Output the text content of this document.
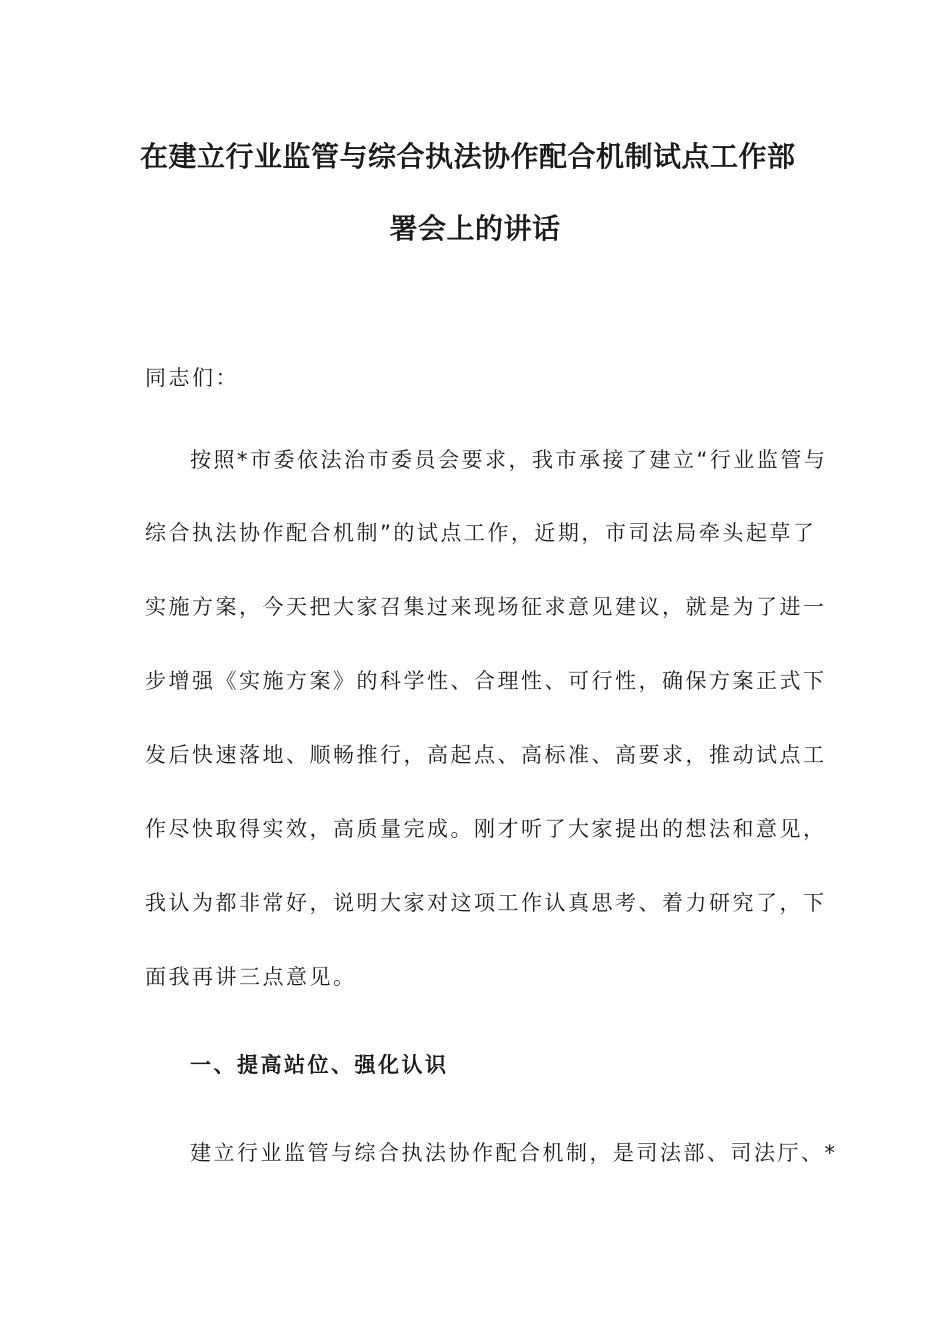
在建立行业监管与综合执法协作配合机制试点工作部
署会上的讲话
同志们：
按照*市委依法治市委员会要求，我市承接了建立“行业监管与
综合执法协作配合机制”的试点工作，近期，市司法局牵头起草了
实施方案，今天把大家召集过来现场征求意见建议，就是为了进一
步增强《实施方案》的科学性、合理性、可行性，确保方案正式下
发后快速落地、顺畅推行，高起点、高标准、高要求，推动试点工
作尽快取得实效，高质量完成。刚才听了大家提出的想法和意见，
我认为都非常好，说明大家对这项工作认真思考、着力研究了，下
面我再讲三点意见。
一、提高站位、强化认识
建立行业监管与综合执法协作配合机制，是司法部、司法厅、*
